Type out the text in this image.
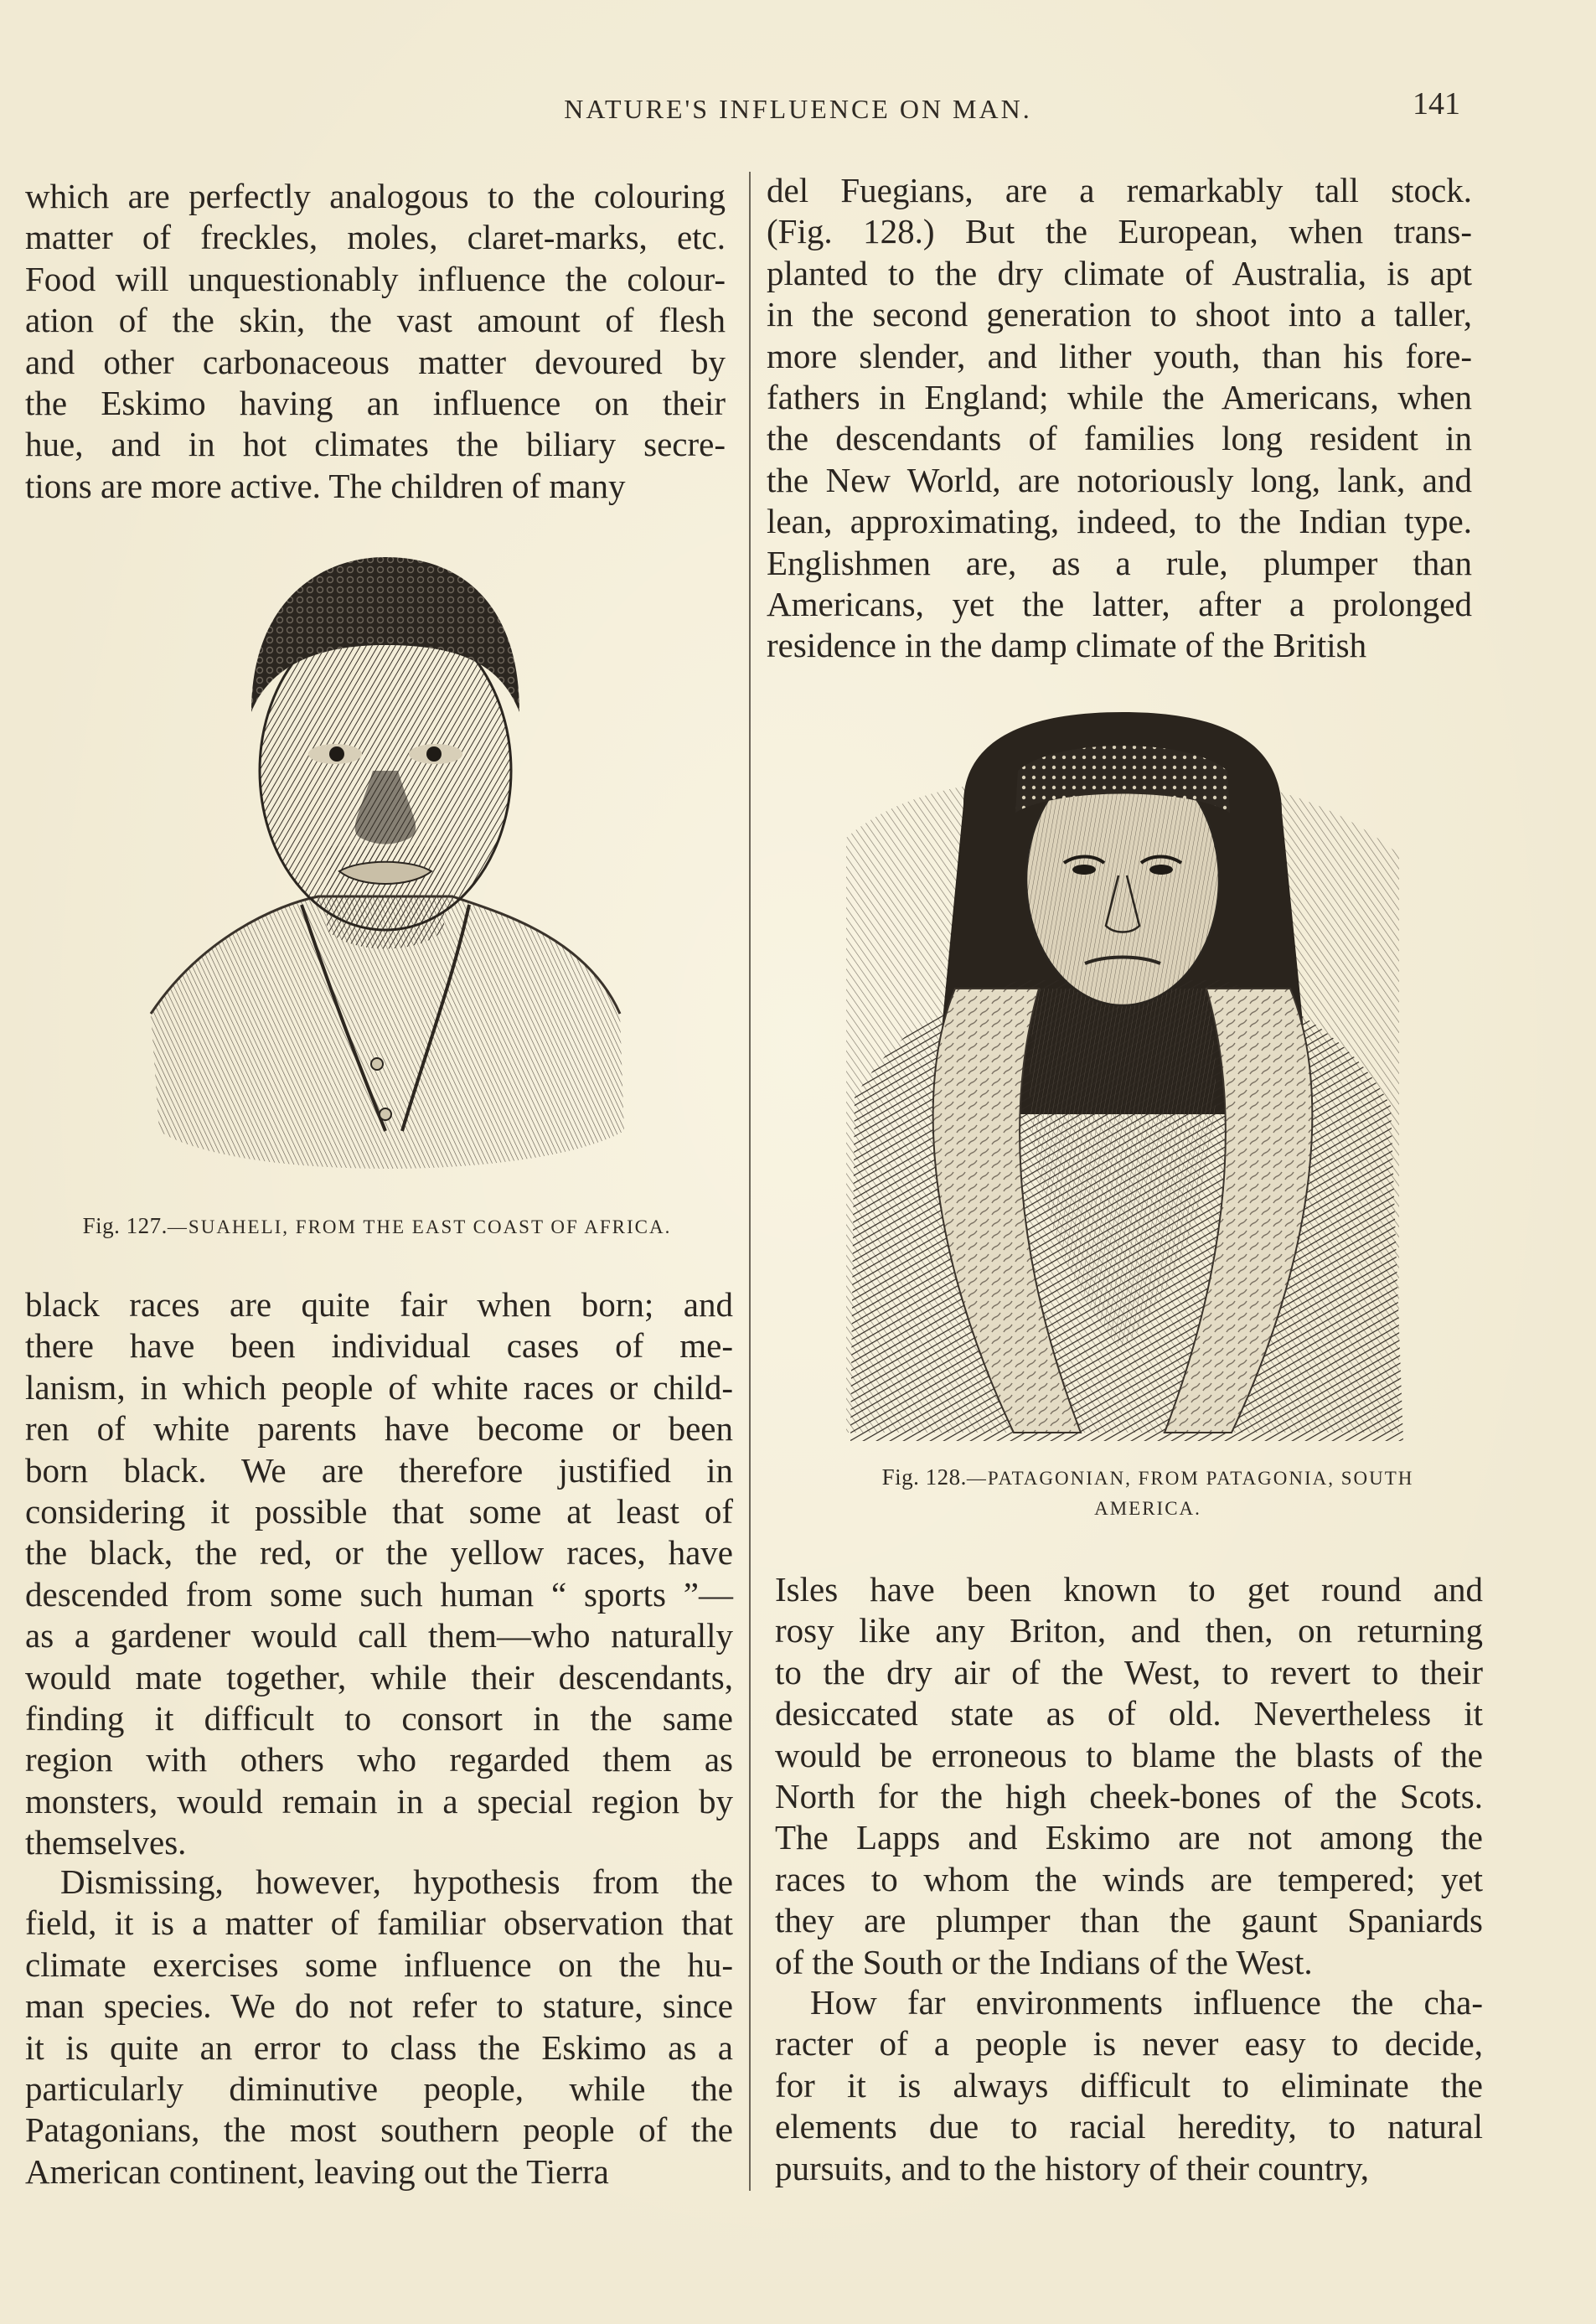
NATURE'S INFLUENCE ON MAN.	141
which are perfectly analogous to the colouring
matter of freckles, moles, claret-marks, etc.
Food will unquestionably influence the colour-
ation of the skin, the vast amount of flesh
and other carbonaceous matter devoured by
the Eskimo having an influence on their
hue, and in hot climates the biliary secre-
tions are more active. The children of many
Fig. 127.—SUAHELI, FROM THE EAST COAST OF AFRICA.
black races are quite fair when born; and
there have been individual cases of me-
lanism, in which people of white races or child-
ren of white parents have become or been
born black. We are therefore justified in
considering it possible that some at least of
the black, the red, or the yellow races, have
descended from some such human “ sports ”—
as a gardener would call them—who naturally
would mate together, while their descendants,
finding it difficult to consort in the same
region with others who regarded them as
monsters, would remain in a special region by
themselves.
Dismissing, however, hypothesis from the
field, it is a matter of familiar observation that
climate exercises some influence on the hu-
man species. We do not refer to stature, since
it is quite an error to class the Eskimo as a
particularly diminutive people, while the
Patagonians, the most southern people of the
American continent, leaving out the Tierra
del Fuegians, are a remarkably tall stock.
(Fig. 128.) But the European, when trans-
planted to the dry climate of Australia, is apt
in the second generation to shoot into a taller,
more slender, and lither youth, than his fore-
fathers in England; while the Americans, when
the descendants of families long resident in
the New World, are notoriously long, lank, and
lean, approximating, indeed, to the Indian type.
Englishmen are, as a rule, plumper than
Americans, yet the latter, after a prolonged
residence in the damp climate of the British
Fig. 128.—PATAGONIAN, FROM PATAGONIA, SOUTH
AMERICA.
Isles have been known to get round and
rosy like any Briton, and then, on returning
to the dry air of the West, to revert to their
desiccated state as of old. Nevertheless it
would be erroneous to blame the blasts of the
North for the high cheek-bones of the Scots.
The Lapps and Eskimo are not among the
races to whom the winds are tempered; yet
they are plumper than the gaunt Spaniards
of the South or the Indians of the West.
How far environments influence the cha-
racter of a people is never easy to decide,
for it is always difficult to eliminate the
elements due to racial heredity, to natural
pursuits, and to the history of their country,
